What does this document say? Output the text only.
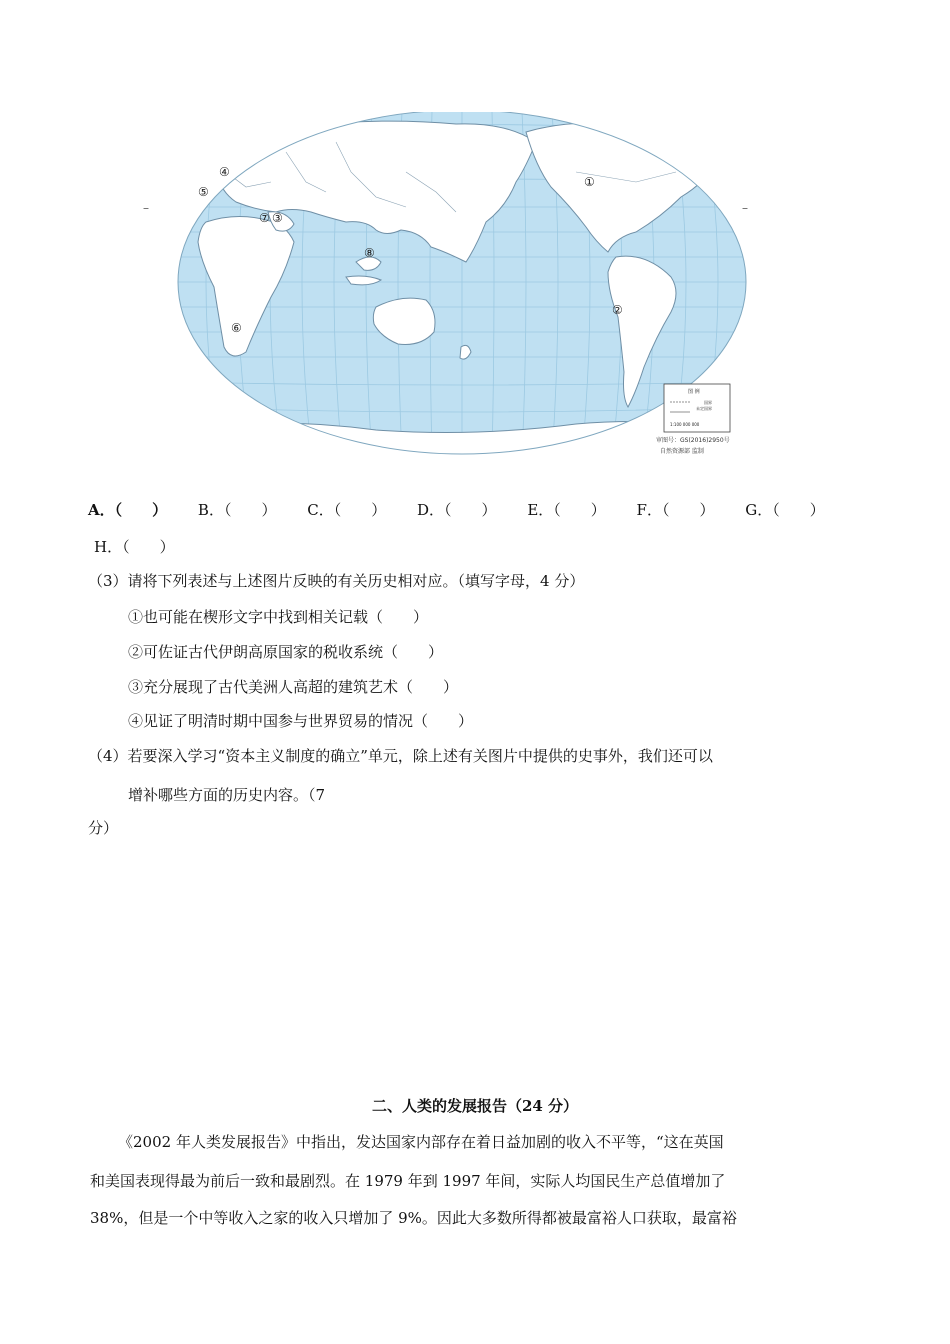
①
②
③
④
⑤
⑥
⑦
⑧
图 例
国界
未定国界
1:100 000 000
审图号：GS(2016)2950号
自然资源部 监制
–	–
A．（　　） B．（　　） C．（　　） D．（　　） E．（　　） F．（　　） G．（　　）
H．（　　）
（3）请将下列表述与上述图片反映的有关历史相对应。（填写字母，4 分）
①也可能在楔形文字中找到相关记载（　　）
②可佐证古代伊朗高原国家的税收系统（　　）
③充分展现了古代美洲人高超的建筑艺术（　　）
④见证了明清时期中国参与世界贸易的情况（　　）
（4）若要深入学习“资本主义制度的确立”单元，除上述有关图片中提供的史事外，我们还可以
增补哪些方面的历史内容。（7
分）
二、人类的发展报告（24 分）
《2002 年人类发展报告》中指出，发达国家内部存在着日益加剧的收入不平等，“这在英国
和美国表现得最为前后一致和最剧烈。在 1979 年到 1997 年间，实际人均国民生产总值增加了
38%，但是一个中等收入之家的收入只增加了 9%。因此大多数所得都被最富裕人口获取，最富裕
